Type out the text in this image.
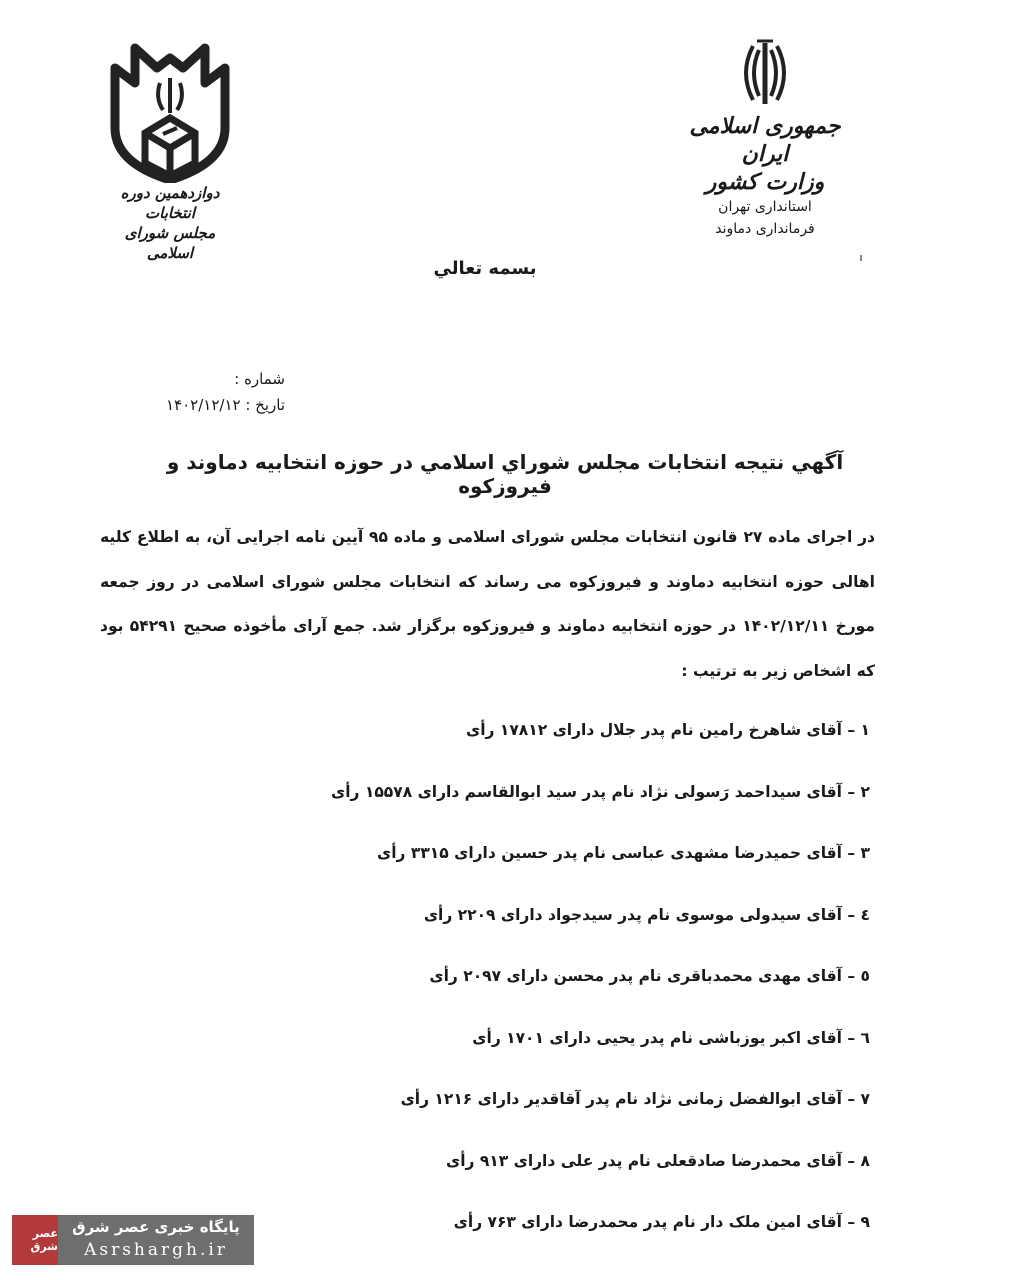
دوازدهمین دوره انتخابات
مجلس شورای اسلامی
جمهوری اسلامی ایران
وزارت کشور
استانداری تهران
فرمانداری دماوند
بسمه تعالي
شماره :
تاریخ : ۱۴۰۲/۱۲/۱۲
آگهي نتيجه انتخابات مجلس شوراي اسلامي در حوزه انتخابيه دماوند و فيروزكوه
در اجرای ماده ۲۷ قانون انتخابات مجلس شورای اسلامی و ماده ۹۵ آیین نامه اجرایی آن، به اطلاع کلیه اهالی حوزه انتخابیه دماوند و فیروزکوه می رساند که انتخابات مجلس شورای اسلامی در روز جمعه مورخ ۱۴۰۲/۱۲/۱۱ در حوزه انتخابیه دماوند و فیروزکوه برگزار شد. جمع آرای مأخوذه صحیح ۵۴۲۹۱ بود که اشخاص زیر به ترتیب :
۱ – آقای شاهرخ رامین نام پدر جلال دارای ۱۷۸۱۲ رأی
۲ – آقای سیداحمد رَسولی نژاد نام پدر سید ابوالقاسم دارای ۱۵۵۷۸ رأی
۳ – آقای حمیدرضا مشهدی عباسی نام پدر حسین دارای ۳۳۱۵ رأی
٤ – آقای سیدولی موسوی نام پدر سیدجواد دارای ۲۲۰۹ رأی
٥ – آقای مهدی محمدباقری نام پدر محسن دارای ۲۰۹۷ رأی
٦ – آقای اکبر یوزباشی نام پدر یحیی دارای ۱۷۰۱ رأی
۷ – آقای ابوالفضل زمانی نژاد نام پدر آقاقدیر دارای ۱۲۱۶ رأی
۸ – آقای محمدرضا صادقعلی نام پدر علی دارای ۹۱۳ رأی
۹ – آقای امین ملک دار نام پدر محمدرضا دارای ۷۶۳ رأی
عصر شرق
پایگاه خبری عصر شرق
Asrshargh.ir
